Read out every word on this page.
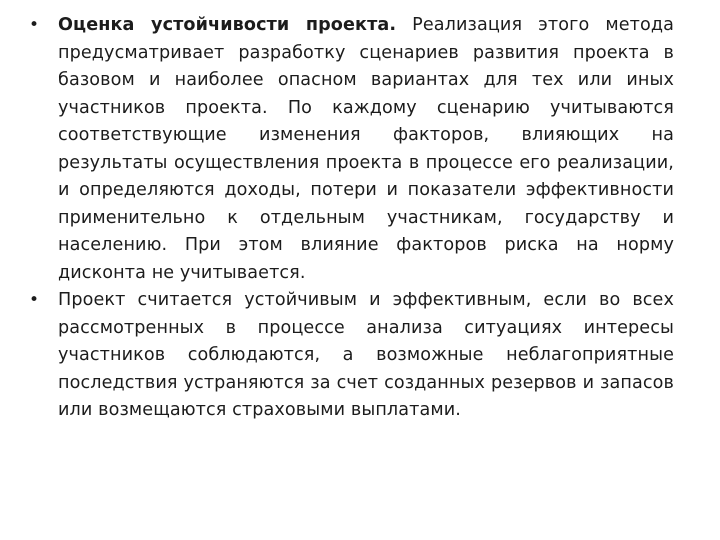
• Оценка устойчивости проекта. Реализация этого метода предусматривает разработку сценариев развития проекта в базовом и наиболее опасном вариантах для тех или иных участников проекта. По каждому сценарию учитываются соответствующие изменения факторов, влияющих на результаты осуществления проекта в процессе его реализации, и определяются доходы, потери и показатели эффективности применительно к отдельным участникам, государству и населению. При этом влияние факторов риска на норму дисконта не учитывается.
• Проект считается устойчивым и эффективным, если во всех рассмотренных в процессе анализа ситуациях интересы участников соблюдаются, а возможные неблагоприятные последствия устраняются за счет созданных резервов и запасов или возмещаются страховыми выплатами.
